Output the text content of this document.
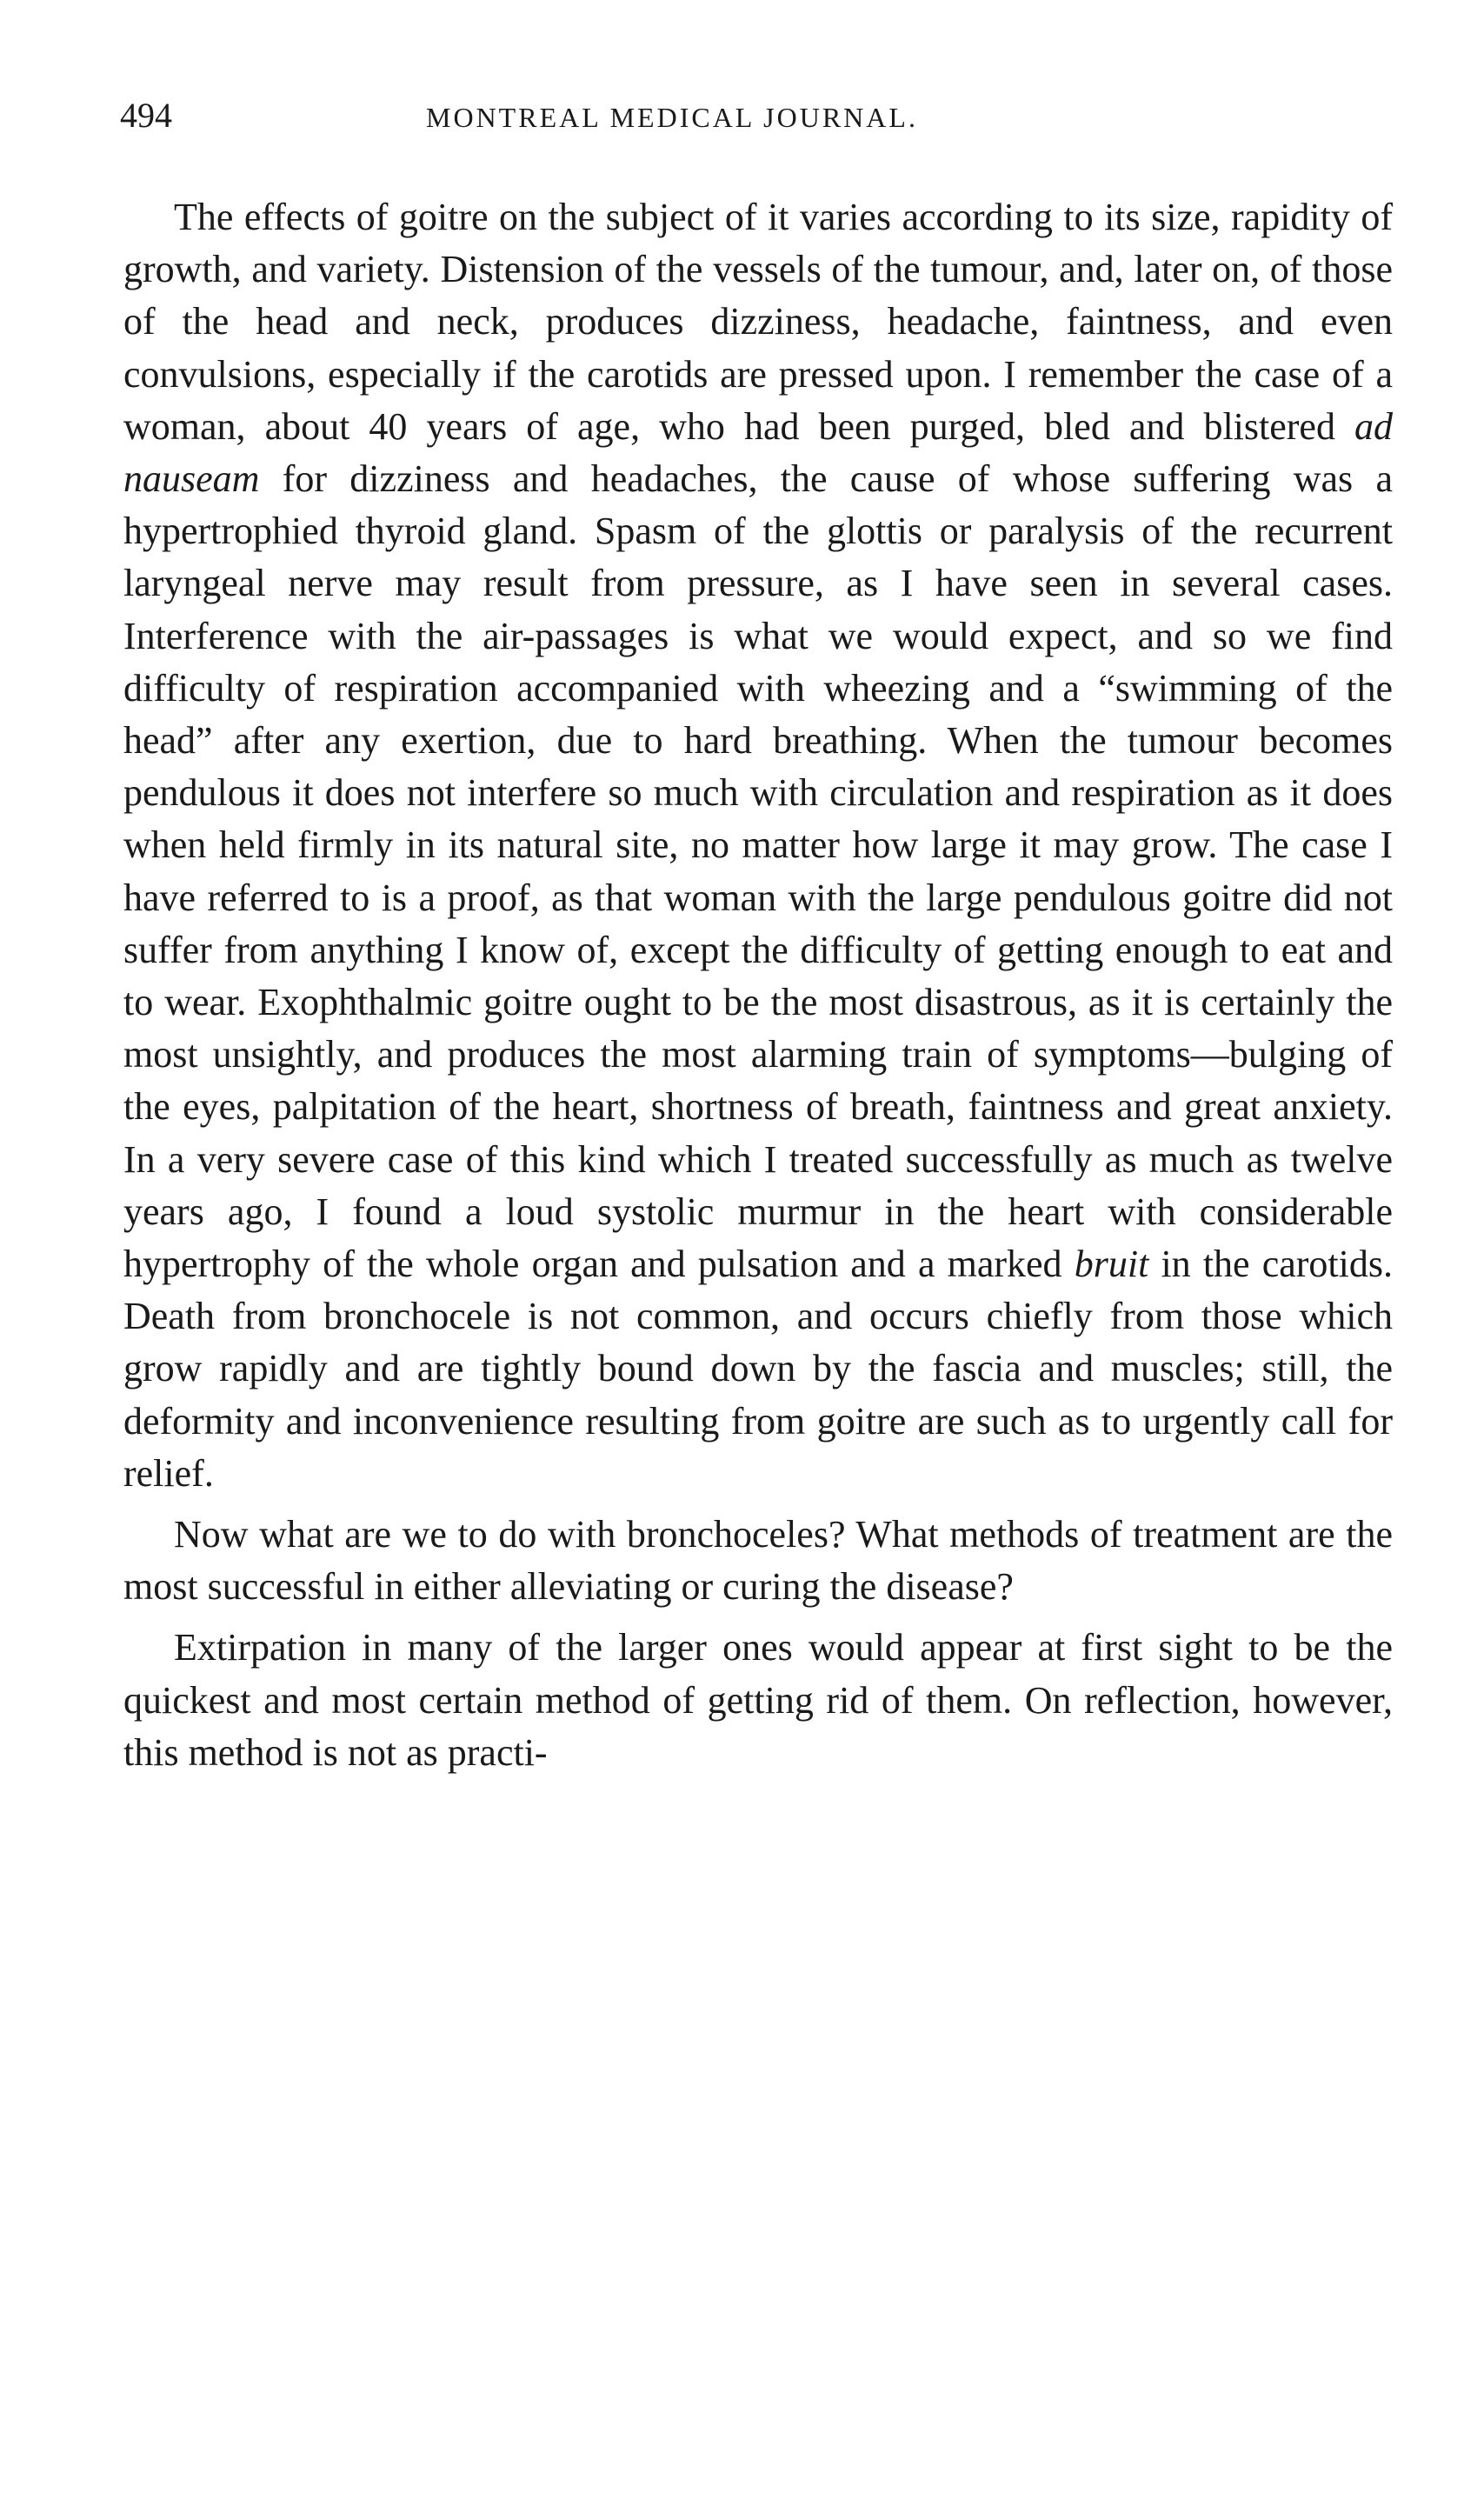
494	MONTREAL MEDICAL JOURNAL.

The effects of goitre on the subject of it varies according to its size, rapidity of growth, and variety. Distension of the vessels of the tumour, and, later on, of those of the head and neck, produces dizziness, headache, faintness, and even convulsions, especially if the carotids are pressed upon. I remember the case of a woman, about 40 years of age, who had been purged, bled and blistered ad nauseam for dizziness and headaches, the cause of whose suffering was a hypertrophied thyroid gland. Spasm of the glottis or paralysis of the recurrent laryngeal nerve may result from pressure, as I have seen in several cases. Interference with the air-passages is what we would expect, and so we find difficulty of respiration accompanied with wheezing and a “swimming of the head” after any exertion, due to hard breathing. When the tumour becomes pendulous it does not interfere so much with circulation and respiration as it does when held firmly in its natural site, no matter how large it may grow. The case I have referred to is a proof, as that woman with the large pendulous goitre did not suffer from anything I know of, except the difficulty of getting enough to eat and to wear. Exophthalmic goitre ought to be the most disastrous, as it is certainly the most unsightly, and produces the most alarming train of symptoms—bulging of the eyes, palpitation of the heart, shortness of breath, faintness and great anxiety. In a very severe case of this kind which I treated successfully as much as twelve years ago, I found a loud systolic murmur in the heart with considerable hypertrophy of the whole organ and pulsation and a marked bruit in the carotids. Death from bronchocele is not common, and occurs chiefly from those which grow rapidly and are tightly bound down by the fascia and muscles; still, the deformity and inconvenience resulting from goitre are such as to urgently call for relief.

Now what are we to do with bronchoceles? What methods of treatment are the most successful in either alleviating or curing the disease?

Extirpation in many of the larger ones would appear at first sight to be the quickest and most certain method of getting rid of them. On reflection, however, this method is not as practi-
